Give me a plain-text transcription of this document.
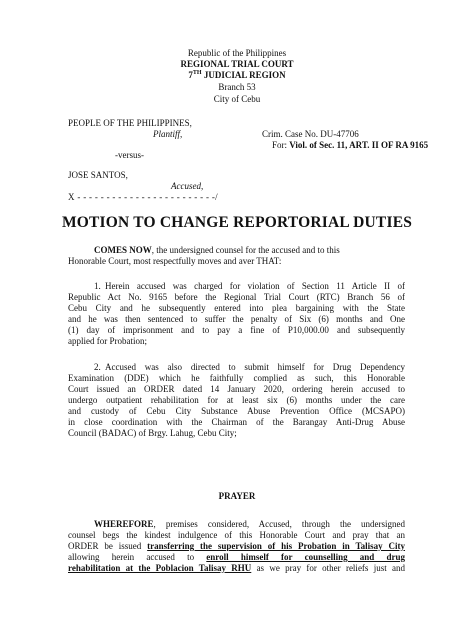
Republic of the Philippines
REGIONAL TRIAL COURT
7TH JUDICIAL REGION
Branch 53
City of Cebu
PEOPLE OF THE PHILIPPINES,
Plantiff,	Crim. Case No. DU-47706
For: Viol. of Sec. 11, ART. II OF RA 9165
-versus-
JOSE SANTOS,
Accused,
X - - - - - - - - - - - - - - - - - - - - - - - -/
MOTION TO CHANGE REPORTORIAL DUTIES
COMES NOW, the undersigned counsel for the accused and to this
Honorable Court, most respectfully moves and aver THAT:
1. Herein accused was charged for violation of Section 11 Article II of
Republic Act No. 9165 before the Regional Trial Court (RTC) Branch 56 of
Cebu City and he subsequently entered into plea bargaining with the State
and he was then sentenced to suffer the penalty of Six (6) months and One
(1) day of imprisonment and to pay a fine of P10,000.00 and subsequently
applied for Probation;
2. Accused was also directed to submit himself for Drug Dependency
Examination (DDE) which he faithfully complied as such, this Honorable
Court issued an ORDER dated 14 January 2020, ordering herein accused to
undergo outpatient rehabilitation for at least six (6) months under the care
and custody of Cebu City Substance Abuse Prevention Office (MCSAPO)
in close coordination with the Chairman of the Barangay Anti-Drug Abuse
Council (BADAC) of Brgy. Lahug, Cebu City;
PRAYER
WHEREFORE, premises considered, Accused, through the undersigned
counsel begs the kindest indulgence of this Honorable Court and pray that an
ORDER be issued transferring the supervision of his Probation in Talisay City
allowing herein accused to enroll himself for counselling and drug
rehabilitation at the Poblacion Talisay RHU as we pray for other reliefs just and
